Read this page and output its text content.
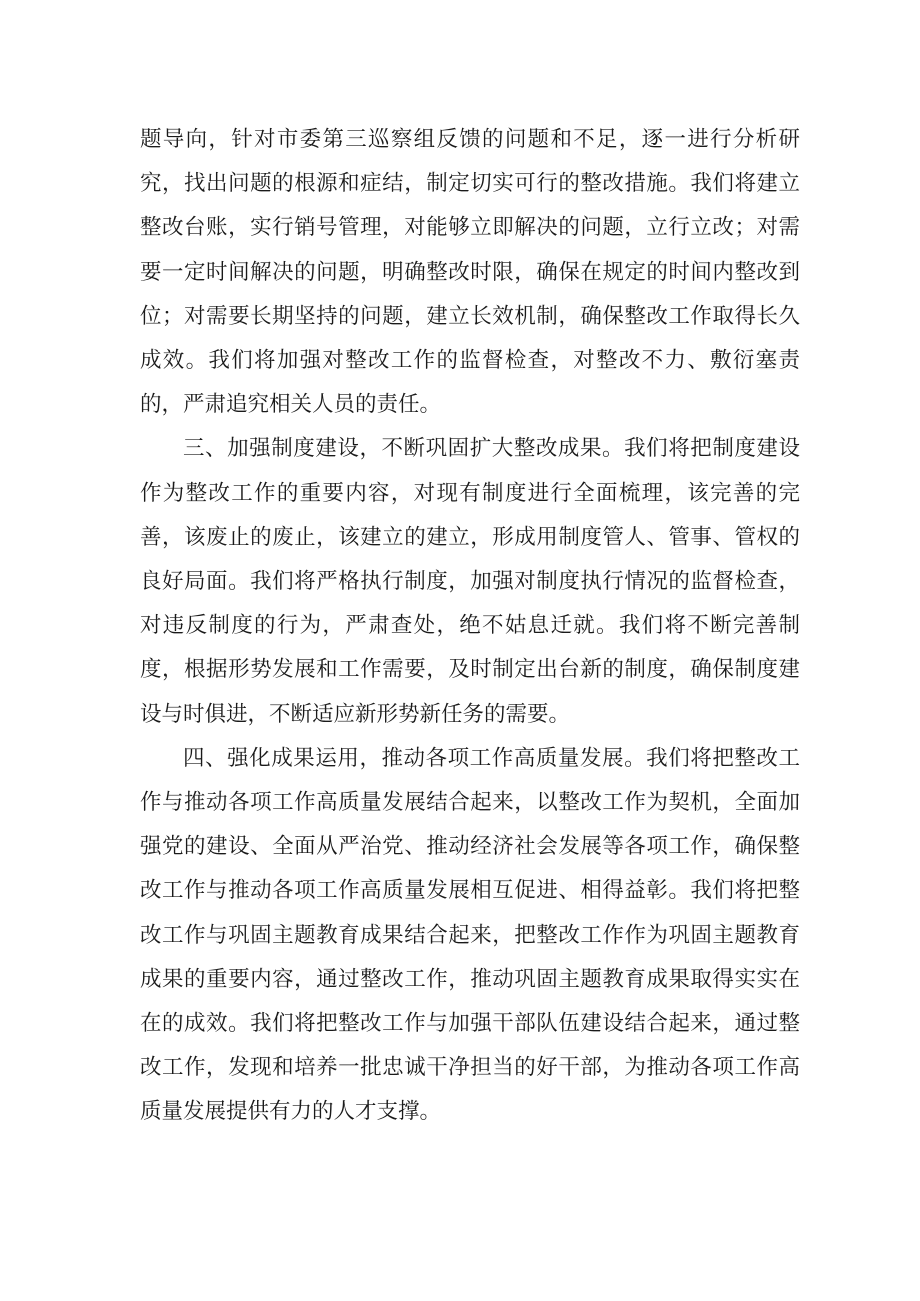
题导向，针对市委第三巡察组反馈的问题和不足，逐一进行分析研究，找出问题的根源和症结，制定切实可行的整改措施。我们将建立整改台账，实行销号管理，对能够立即解决的问题，立行立改；对需要一定时间解决的问题，明确整改时限，确保在规定的时间内整改到位；对需要长期坚持的问题，建立长效机制，确保整改工作取得长久成效。我们将加强对整改工作的监督检查，对整改不力、敷衍塞责的，严肃追究相关人员的责任。

三、加强制度建设，不断巩固扩大整改成果。我们将把制度建设作为整改工作的重要内容，对现有制度进行全面梳理，该完善的完善，该废止的废止，该建立的建立，形成用制度管人、管事、管权的良好局面。我们将严格执行制度，加强对制度执行情况的监督检查，对违反制度的行为，严肃查处，绝不姑息迁就。我们将不断完善制度，根据形势发展和工作需要，及时制定出台新的制度，确保制度建设与时俱进，不断适应新形势新任务的需要。

四、强化成果运用，推动各项工作高质量发展。我们将把整改工作与推动各项工作高质量发展结合起来，以整改工作为契机，全面加强党的建设、全面从严治党、推动经济社会发展等各项工作，确保整改工作与推动各项工作高质量发展相互促进、相得益彰。我们将把整改工作与巩固主题教育成果结合起来，把整改工作作为巩固主题教育成果的重要内容，通过整改工作，推动巩固主题教育成果取得实实在在的成效。我们将把整改工作与加强干部队伍建设结合起来，通过整改工作，发现和培养一批忠诚干净担当的好干部，为推动各项工作高质量发展提供有力的人才支撑。
